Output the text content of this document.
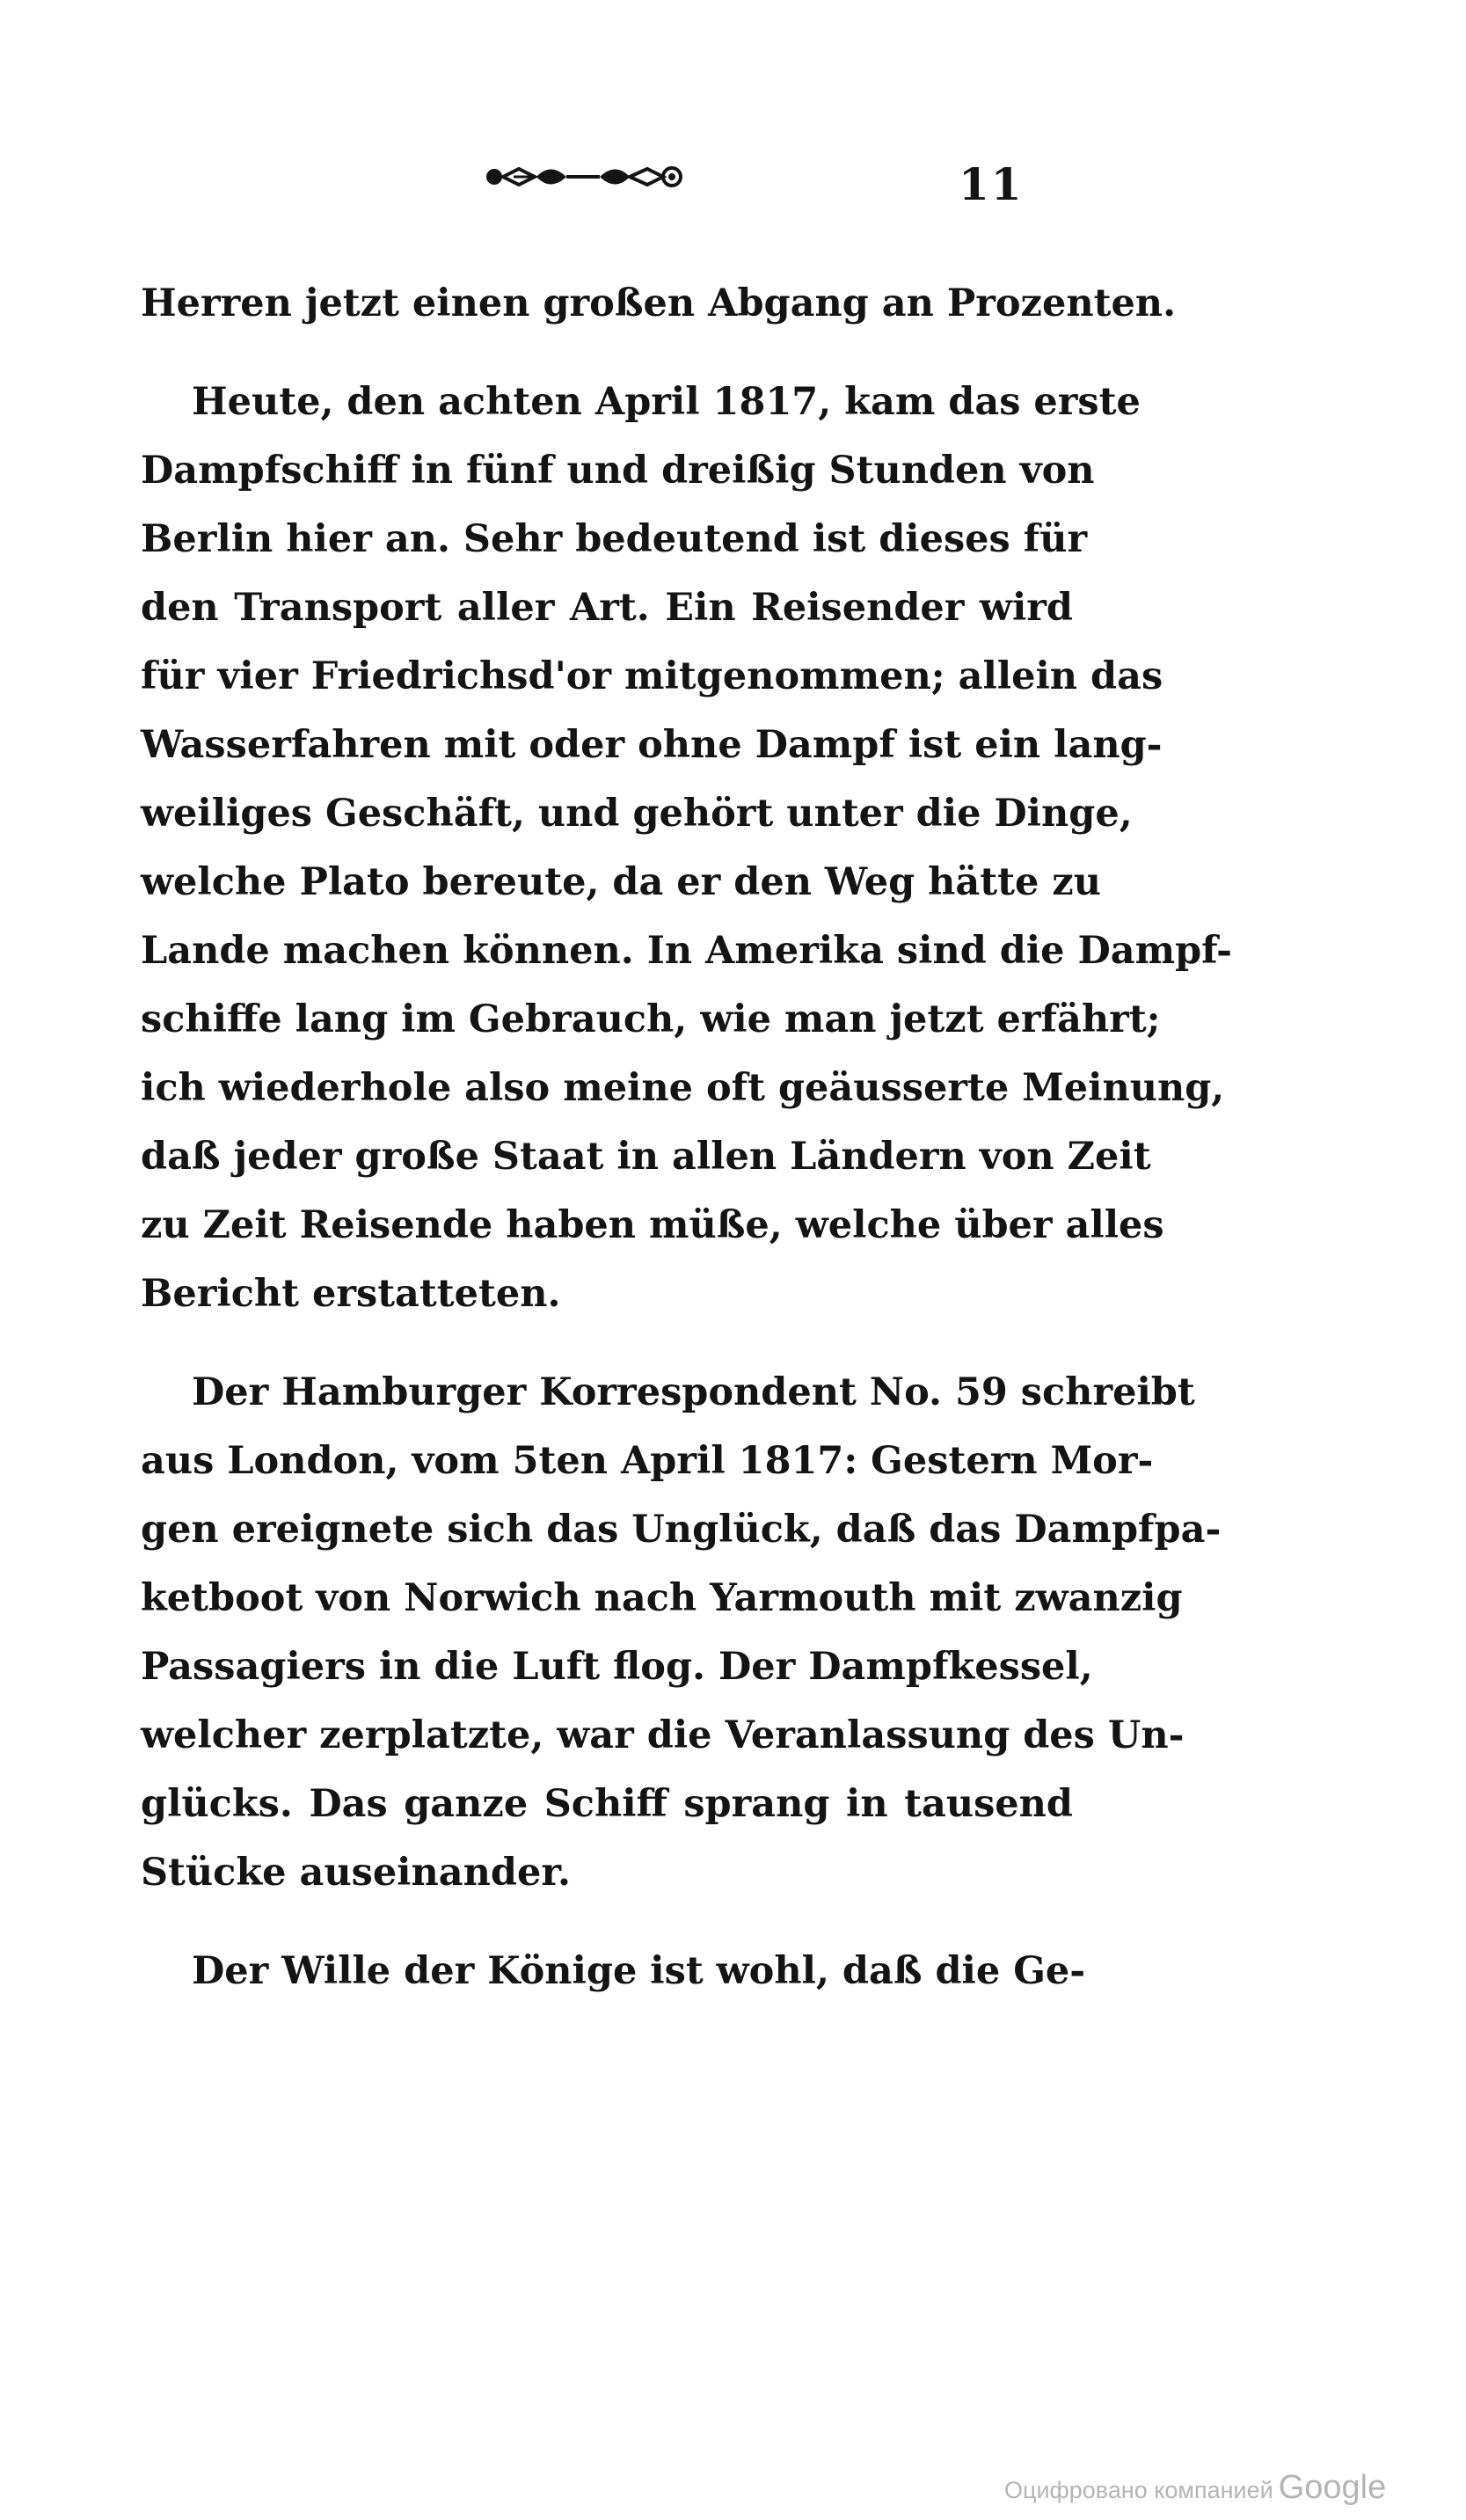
11
Herren jetzt einen großen Abgang an Prozenten.
Heute, den achten April 1817, kam das erste
Dampfschiff in fünf und dreißig Stunden von
Berlin hier an. Sehr bedeutend ist dieses für
den Transport aller Art. Ein Reisender wird
für vier Friedrichsd'or mitgenommen; allein das
Wasserfahren mit oder ohne Dampf ist ein lang-
weiliges Geschäft, und gehört unter die Dinge,
welche Plato bereute, da er den Weg hätte zu
Lande machen können. In Amerika sind die Dampf-
schiffe lang im Gebrauch, wie man jetzt erfährt;
ich wiederhole also meine oft geäusserte Meinung,
daß jeder große Staat in allen Ländern von Zeit
zu Zeit Reisende haben müße, welche über alles
Bericht erstatteten.
Der Hamburger Korrespondent No. 59 schreibt
aus London, vom 5ten April 1817: Gestern Mor-
gen ereignete sich das Unglück, daß das Dampfpa-
ketboot von Norwich nach Yarmouth mit zwanzig
Passagiers in die Luft flog. Der Dampfkessel,
welcher zerplatzte, war die Veranlassung des Un-
glücks. Das ganze Schiff sprang in tausend
Stücke auseinander.
Der Wille der Könige ist wohl, daß die Ge-
Оцифровано компанией Google
